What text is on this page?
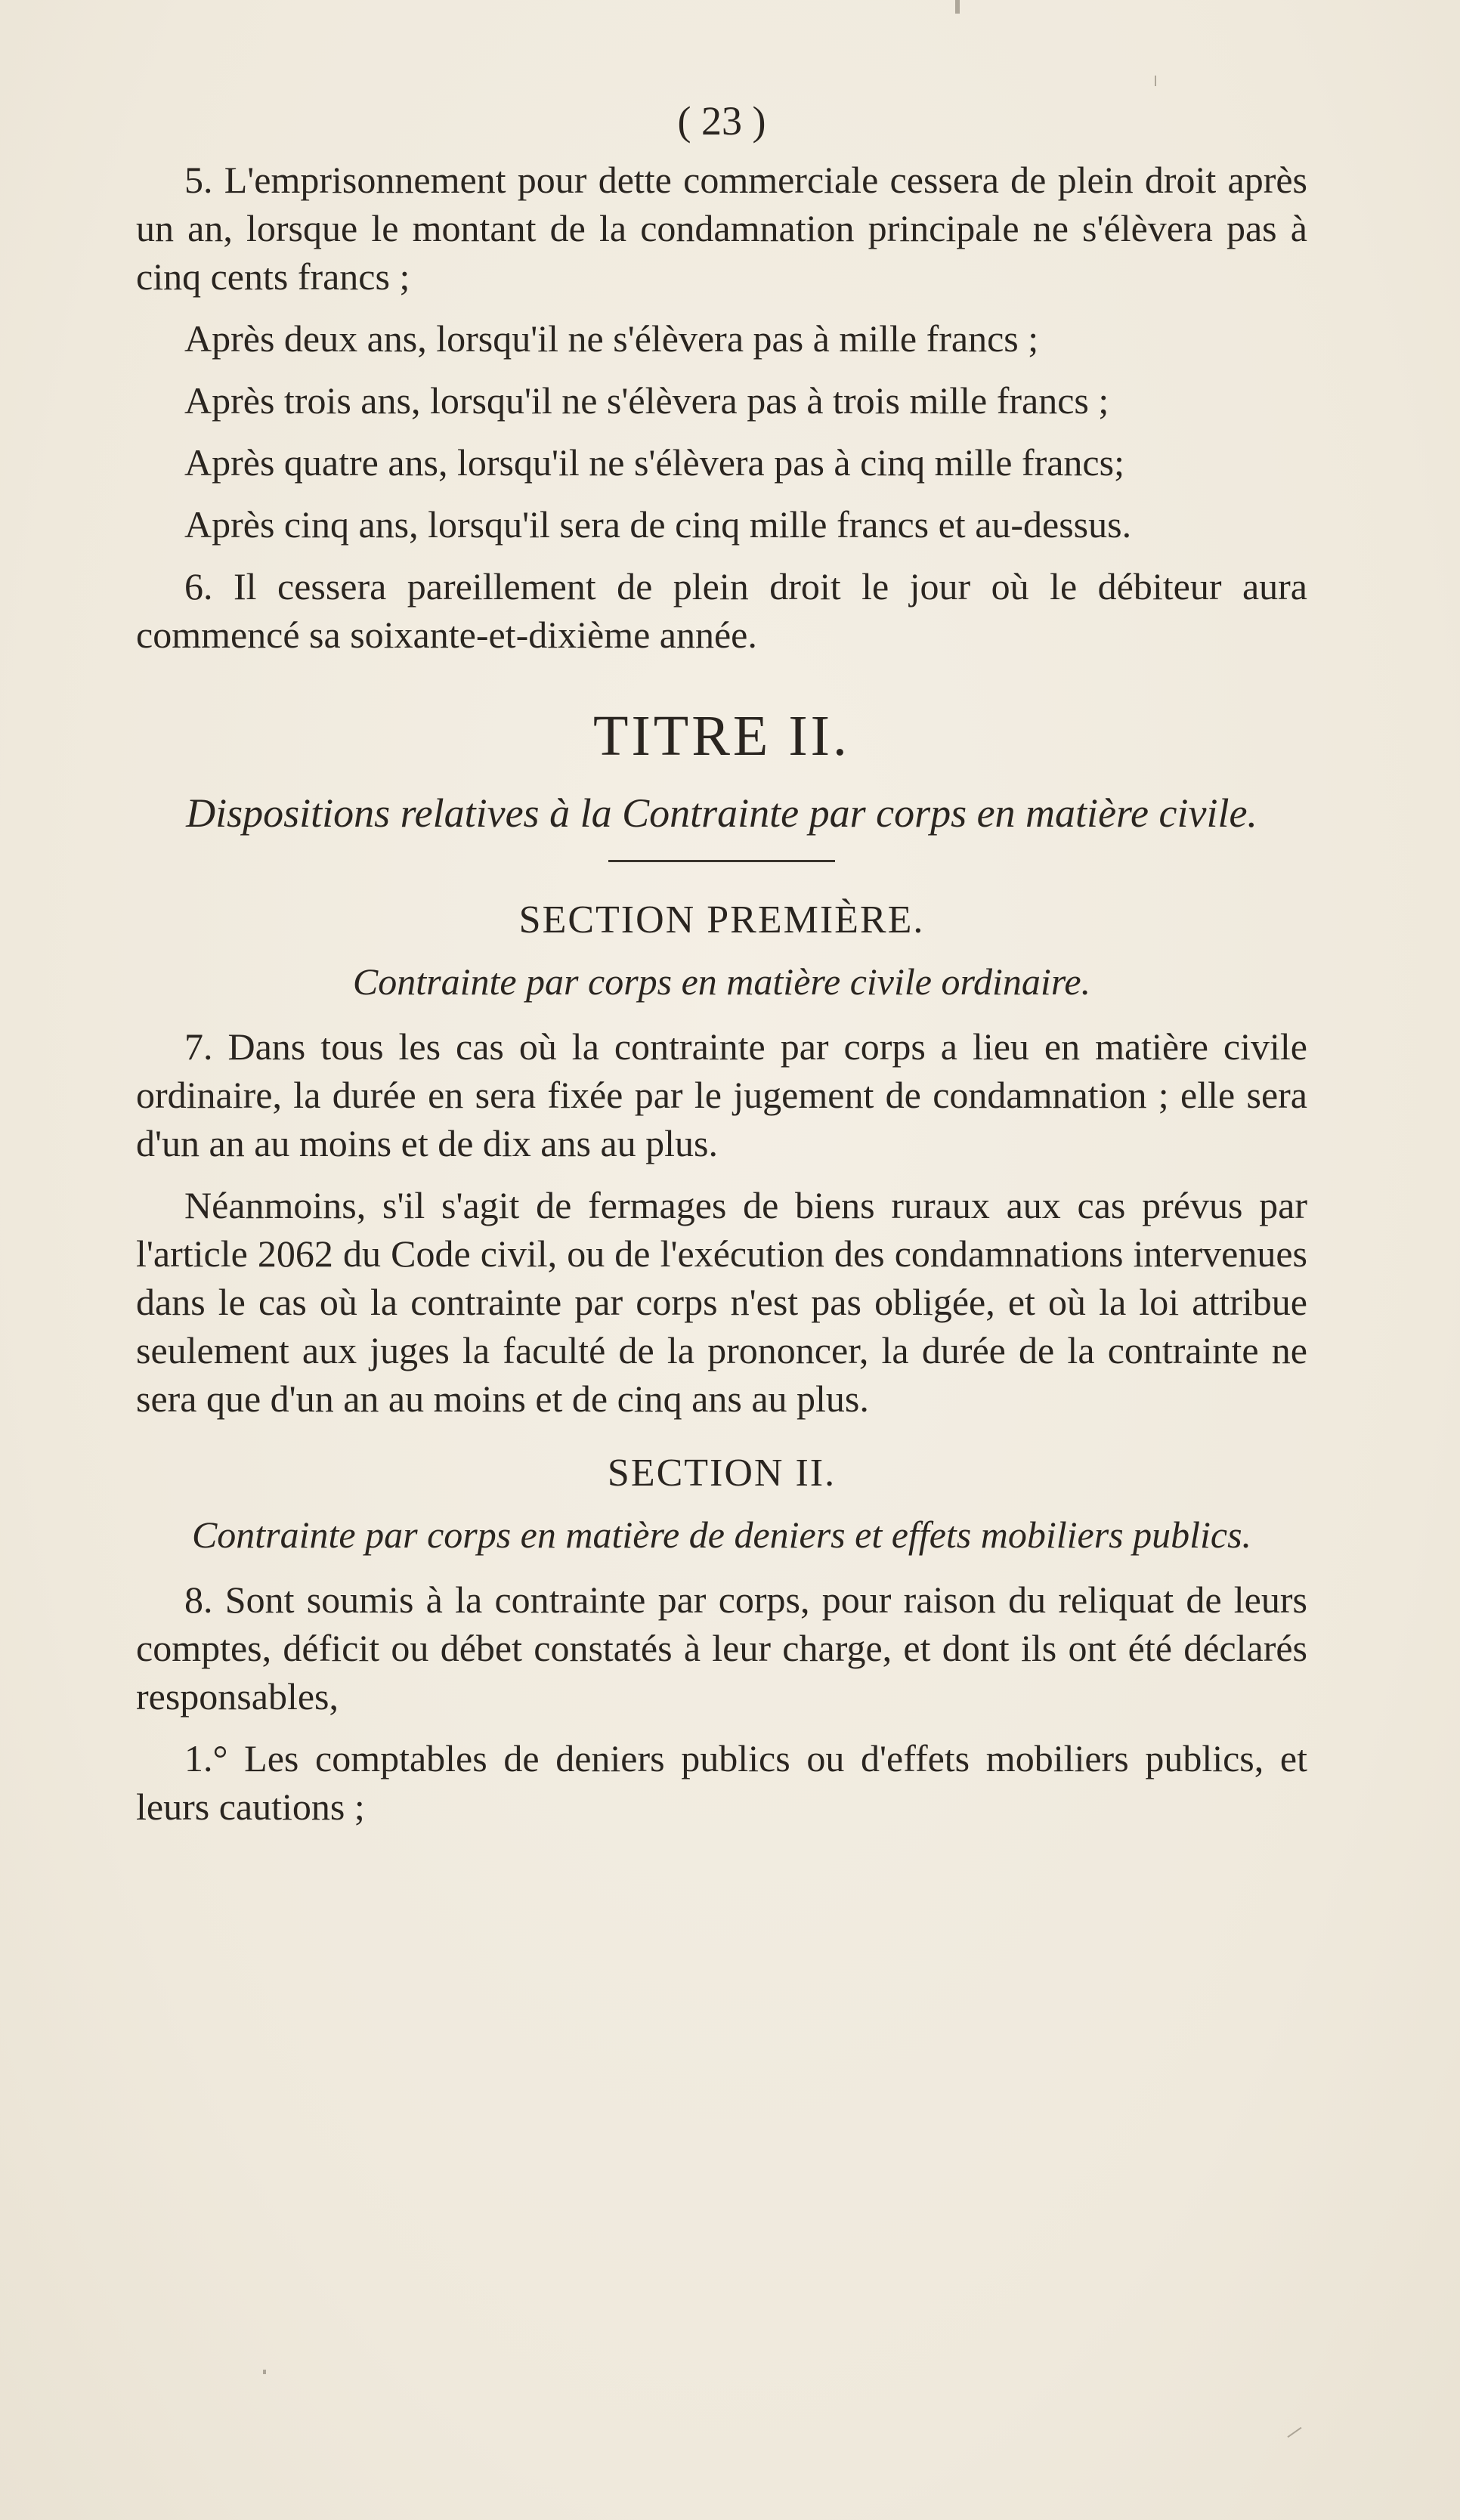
( 23 )

5. L'emprisonnement pour dette commerciale cessera de plein droit après un an, lorsque le montant de la condamnation principale ne s'élèvera pas à cinq cents francs ;

Après deux ans, lorsqu'il ne s'élèvera pas à mille francs ;

Après trois ans, lorsqu'il ne s'élèvera pas à trois mille francs ;

Après quatre ans, lorsqu'il ne s'élèvera pas à cinq mille francs;

Après cinq ans, lorsqu'il sera de cinq mille francs et au-dessus.

6. Il cessera pareillement de plein droit le jour où le débiteur aura commencé sa soixante-et-dixième année.

TITRE II.
Dispositions relatives à la Contrainte par corps en matière civile.
SECTION PREMIÈRE.
Contrainte par corps en matière civile ordinaire.

7. Dans tous les cas où la contrainte par corps a lieu en matière civile ordinaire, la durée en sera fixée par le jugement de condamnation ; elle sera d'un an au moins et de dix ans au plus.

Néanmoins, s'il s'agit de fermages de biens ruraux aux cas prévus par l'article 2062 du Code civil, ou de l'exécution des condamnations intervenues dans le cas où la contrainte par corps n'est pas obligée, et où la loi attribue seulement aux juges la faculté de la prononcer, la durée de la contrainte ne sera que d'un an au moins et de cinq ans au plus.

SECTION II.
Contrainte par corps en matière de deniers et effets mobiliers publics.

8. Sont soumis à la contrainte par corps, pour raison du reliquat de leurs comptes, déficit ou débet constatés à leur charge, et dont ils ont été déclarés responsables,

1.° Les comptables de deniers publics ou d'effets mobiliers publics, et leurs cautions ;
